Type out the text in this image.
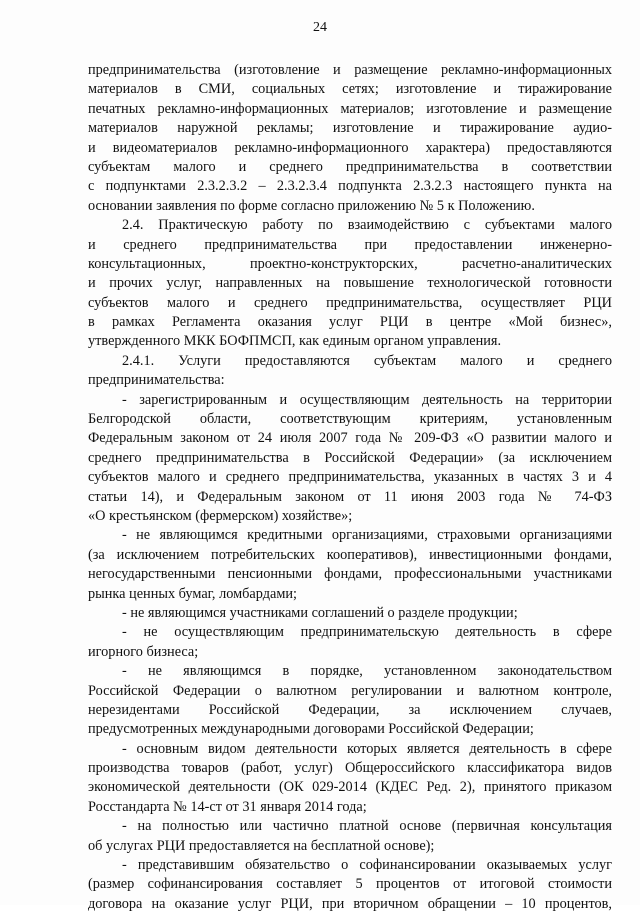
24
предпринимательства (изготовление и размещение рекламно-информационных
материалов в СМИ, социальных сетях; изготовление и тиражирование
печатных рекламно-информационных материалов; изготовление и размещение
материалов наружной рекламы; изготовление и тиражирование аудио-
и видеоматериалов рекламно-информационного характера) предоставляются
субъектам малого и среднего предпринимательства в соответствии
с подпунктами 2.3.2.3.2 – 2.3.2.3.4 подпункта 2.3.2.3 настоящего пункта на
основании заявления по форме согласно приложению № 5 к Положению.
2.4. Практическую работу по взаимодействию с субъектами малого
и среднего предпринимательства при предоставлении инженерно-
консультационных, проектно-конструкторских, расчетно-аналитических
и прочих услуг, направленных на повышение технологической готовности
субъектов малого и среднего предпринимательства, осуществляет РЦИ
в рамках Регламента оказания услуг РЦИ в центре «Мой бизнес»,
утвержденного МКК БОФПМСП, как единым органом управления.
2.4.1. Услуги предоставляются субъектам малого и среднего
предпринимательства:
- зарегистрированным и осуществляющим деятельность на территории
Белгородской области, соответствующим критериям, установленным
Федеральным законом от 24 июля 2007 года № 209-ФЗ «О развитии малого и
среднего предпринимательства в Российской Федерации» (за исключением
субъектов малого и среднего предпринимательства, указанных в частях 3 и 4
статьи 14), и Федеральным законом от 11 июня 2003 года № 74-ФЗ
«О крестьянском (фермерском) хозяйстве»;
- не являющимся кредитными организациями, страховыми организациями
(за исключением потребительских кооперативов), инвестиционными фондами,
негосударственными пенсионными фондами, профессиональными участниками
рынка ценных бумаг, ломбардами;
- не являющимся участниками соглашений о разделе продукции;
- не осуществляющим предпринимательскую деятельность в сфере
игорного бизнеса;
- не являющимся в порядке, установленном законодательством
Российской Федерации о валютном регулировании и валютном контроле,
нерезидентами Российской Федерации, за исключением случаев,
предусмотренных международными договорами Российской Федерации;
- основным видом деятельности которых является деятельность в сфере
производства товаров (работ, услуг) Общероссийского классификатора видов
экономической деятельности (ОК 029-2014 (КДЕС Ред. 2), принятого приказом
Росстандарта № 14-ст от 31 января 2014 года;
- на полностью или частично платной основе (первичная консультация
об услугах РЦИ предоставляется на бесплатной основе);
- представившим обязательство о софинансировании оказываемых услуг
(размер софинансирования составляет 5 процентов от итоговой стоимости
договора на оказание услуг РЦИ, при вторичном обращении – 10 процентов,
